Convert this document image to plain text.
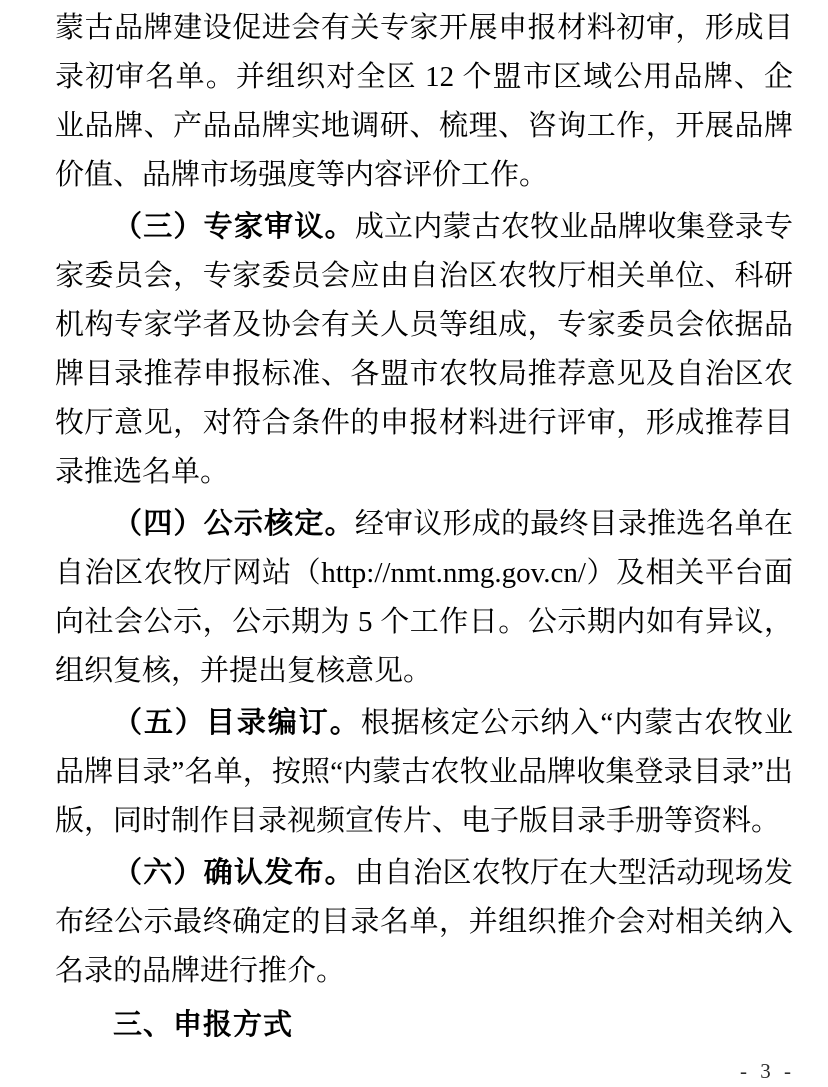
蒙古品牌建设促进会有关专家开展申报材料初审，形成目录初审名单。并组织对全区 12 个盟市区域公用品牌、企业品牌、产品品牌实地调研、梳理、咨询工作，开展品牌价值、品牌市场强度等内容评价工作。

（三）专家审议。成立内蒙古农牧业品牌收集登录专家委员会，专家委员会应由自治区农牧厅相关单位、科研机构专家学者及协会有关人员等组成，专家委员会依据品牌目录推荐申报标准、各盟市农牧局推荐意见及自治区农牧厅意见，对符合条件的申报材料进行评审，形成推荐目录推选名单。

（四）公示核定。经审议形成的最终目录推选名单在自治区农牧厅网站（http://nmt.nmg.gov.cn/）及相关平台面向社会公示，公示期为 5 个工作日。公示期内如有异议，组织复核，并提出复核意见。

（五）目录编订。根据核定公示纳入“内蒙古农牧业品牌目录”名单，按照“内蒙古农牧业品牌收集登录目录”出版，同时制作目录视频宣传片、电子版目录手册等资料。

（六）确认发布。由自治区农牧厅在大型活动现场发布经公示最终确定的目录名单，并组织推介会对相关纳入名录的品牌进行推介。

三、申报方式
- 3 -
